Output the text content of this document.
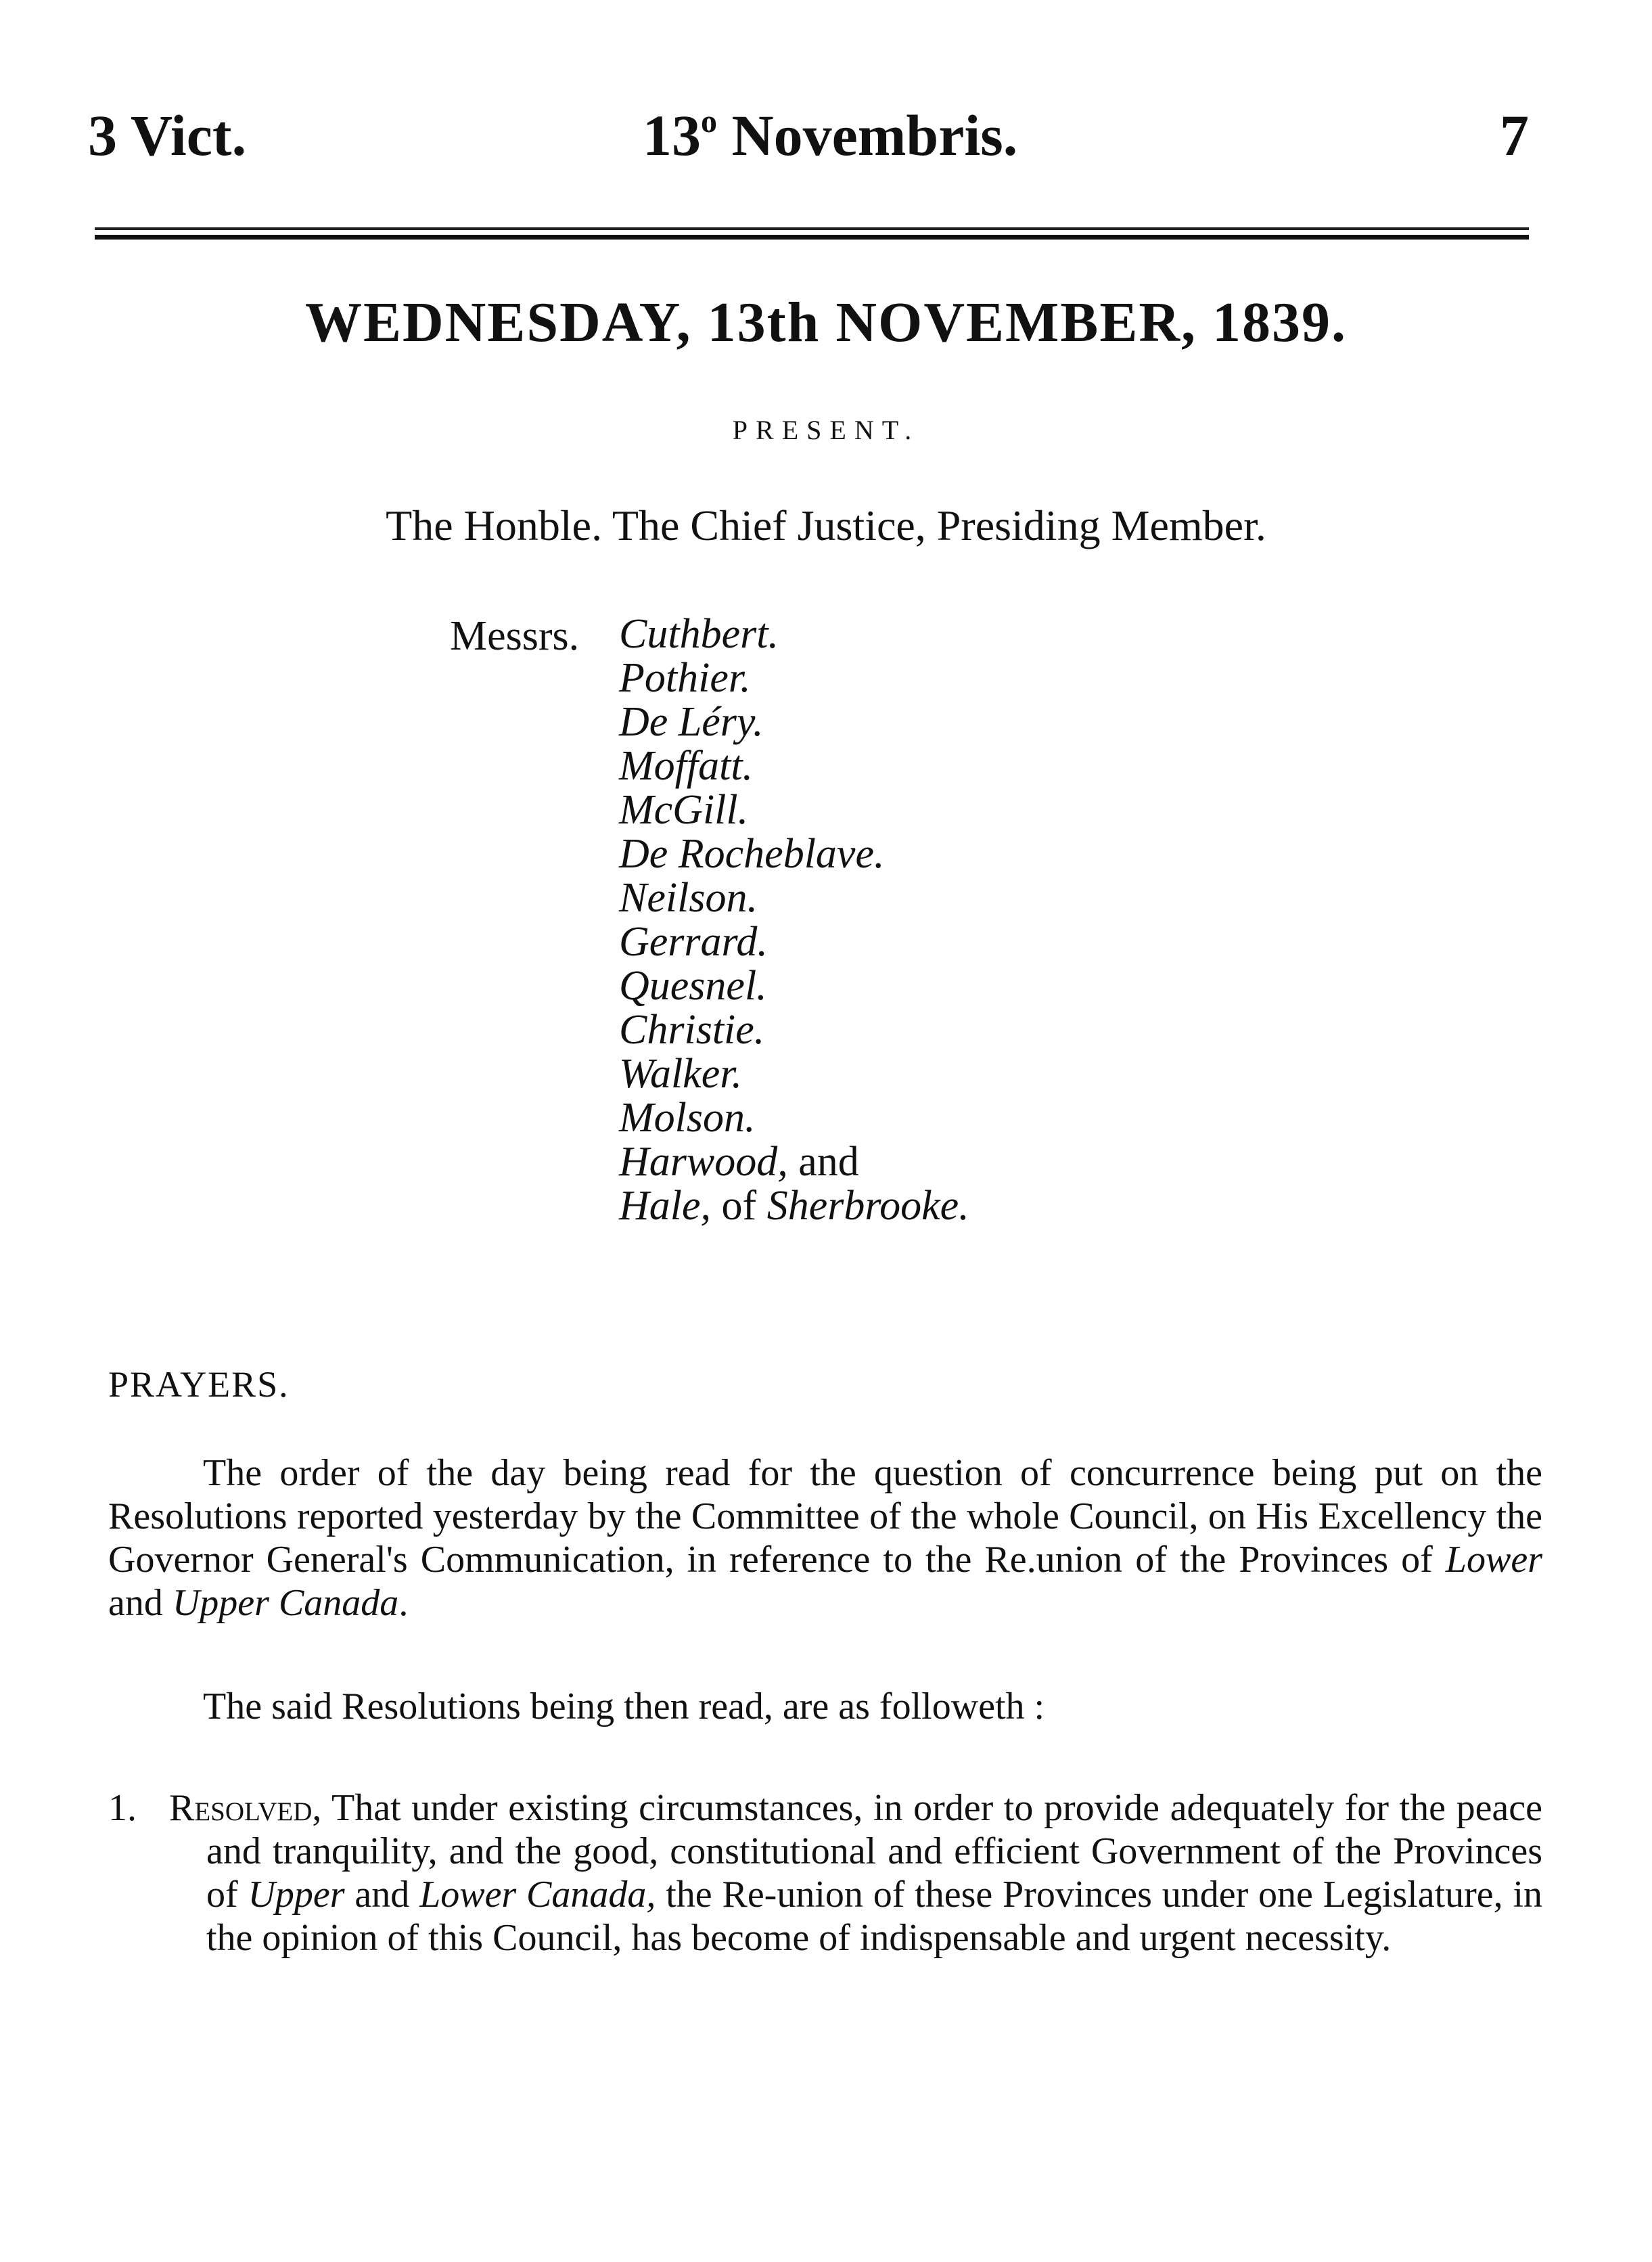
3 Vict.	13$^o$ Novembris.	7
WEDNESDAY, 13th NOVEMBER, 1839.
PRESENT.
The Honble. The Chief Justice, Presiding Member.
Messrs. Cuthbert.
Pothier.
De Léry.
Moffatt.
McGill.
De Rocheblave.
Neilson.
Gerrard.
Quesnel.
Christie.
Walker.
Molson.
Harwood, and
Hale, of Sherbrooke.
PRAYERS.

The order of the day being read for the question of concurrence being put on the Resolutions reported yesterday by the Committee of the whole Council, on His Excellency the Governor General's Communication, in reference to the Re.union of the Provinces of Lower and Upper Canada.

The said Resolutions being then read, are as followeth :

1. Resolved, That under existing circumstances, in order to provide adequately for the peace and tranquility, and the good, constitutional and efficient Government of the Provinces of Upper and Lower Canada, the Re-union of these Provinces under one Legislature, in the opinion of this Council, has become of indispensable and urgent necessity.
